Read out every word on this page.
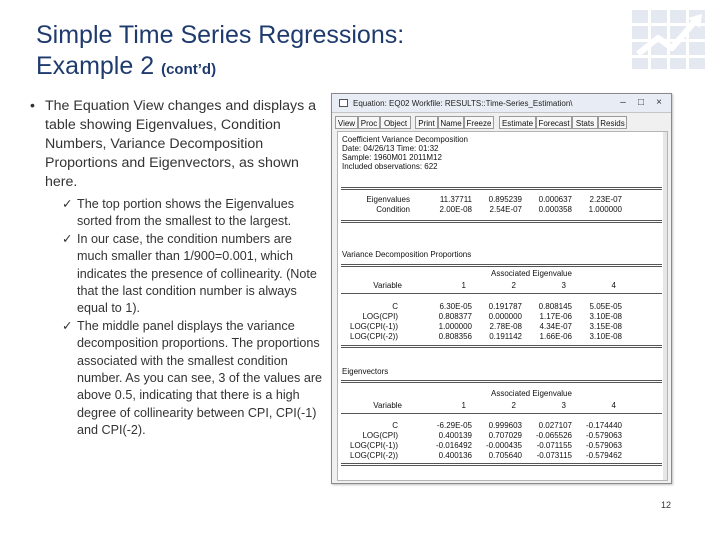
Simple Time Series Regressions:
Example 2 (cont’d)
• The Equation View changes and displays a table showing Eigenvalues, Condition Numbers, Variance Decomposition Proportions and Eigenvectors, as shown here.
✓ The top portion shows the Eigenvalues sorted from the smallest to the largest.
✓ In our case, the condition numbers are much smaller than 1/900=0.001, which indicates the presence of collinearity. (Note that the last condition number is always equal to 1).
✓ The middle panel displays the variance decomposition proportions. The proportions associated with the smallest condition number. As you can see, 3 of the values are above 0.5, indicating that there is a high degree of collinearity between CPI, CPI(-1) and CPI(-2).
Equation: EQ02 Workfile: RESULTS::Time-Series_Estimation\	–	□	×
View Proc Object	Print Name Freeze	Estimate Forecast Stats Resids
Coefficient Variance Decomposition
Date: 04/26/13 Time: 01:32
Sample: 1960M01 2011M12
Included observations: 622
Eigenvalues	11.37711	0.895239	0.000637	2.23E-07
Condition	2.00E-08	2.54E-07	0.000358	1.000000
Variance Decomposition Proportions
Associated Eigenvalue
Variable	1	2	3	4
C	6.30E-05	0.191787	0.808145	5.05E-05
LOG(CPI)	0.808377	0.000000	1.17E-06	3.10E-08
LOG(CPI(-1))	1.000000	2.78E-08	4.34E-07	3.15E-08
LOG(CPI(-2))	0.808356	0.191142	1.66E-06	3.10E-08
Eigenvectors
Associated Eigenvalue
Variable	1	2	3	4
C	-6.29E-05	0.999603	0.027107	-0.174440
LOG(CPI)	0.400139	0.707029	-0.065526	-0.579063
LOG(CPI(-1))	-0.016492	-0.000435	-0.071155	-0.579063
LOG(CPI(-2))	0.400136	0.705640	-0.073115	-0.579462
12
